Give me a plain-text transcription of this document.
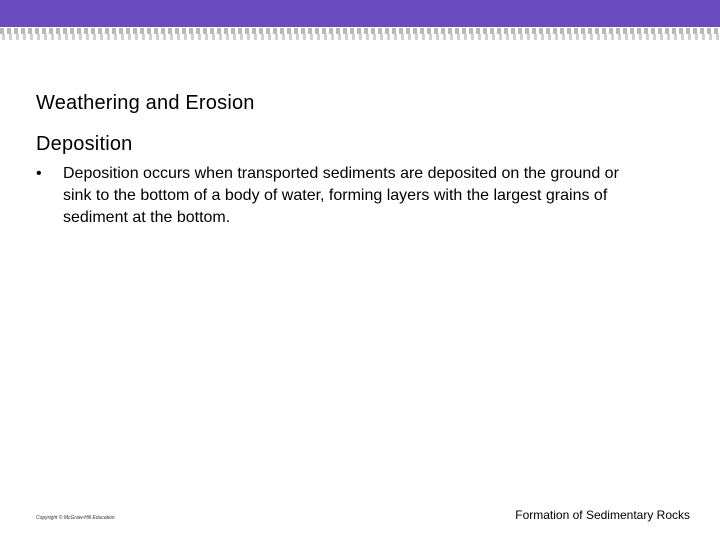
Weathering and Erosion
Deposition
•	Deposition occurs when transported sediments are deposited on the ground or sink to the bottom of a body of water, forming layers with the largest grains of sediment at the bottom.
Copyright © McGraw-Hill Education	Formation of Sedimentary Rocks
